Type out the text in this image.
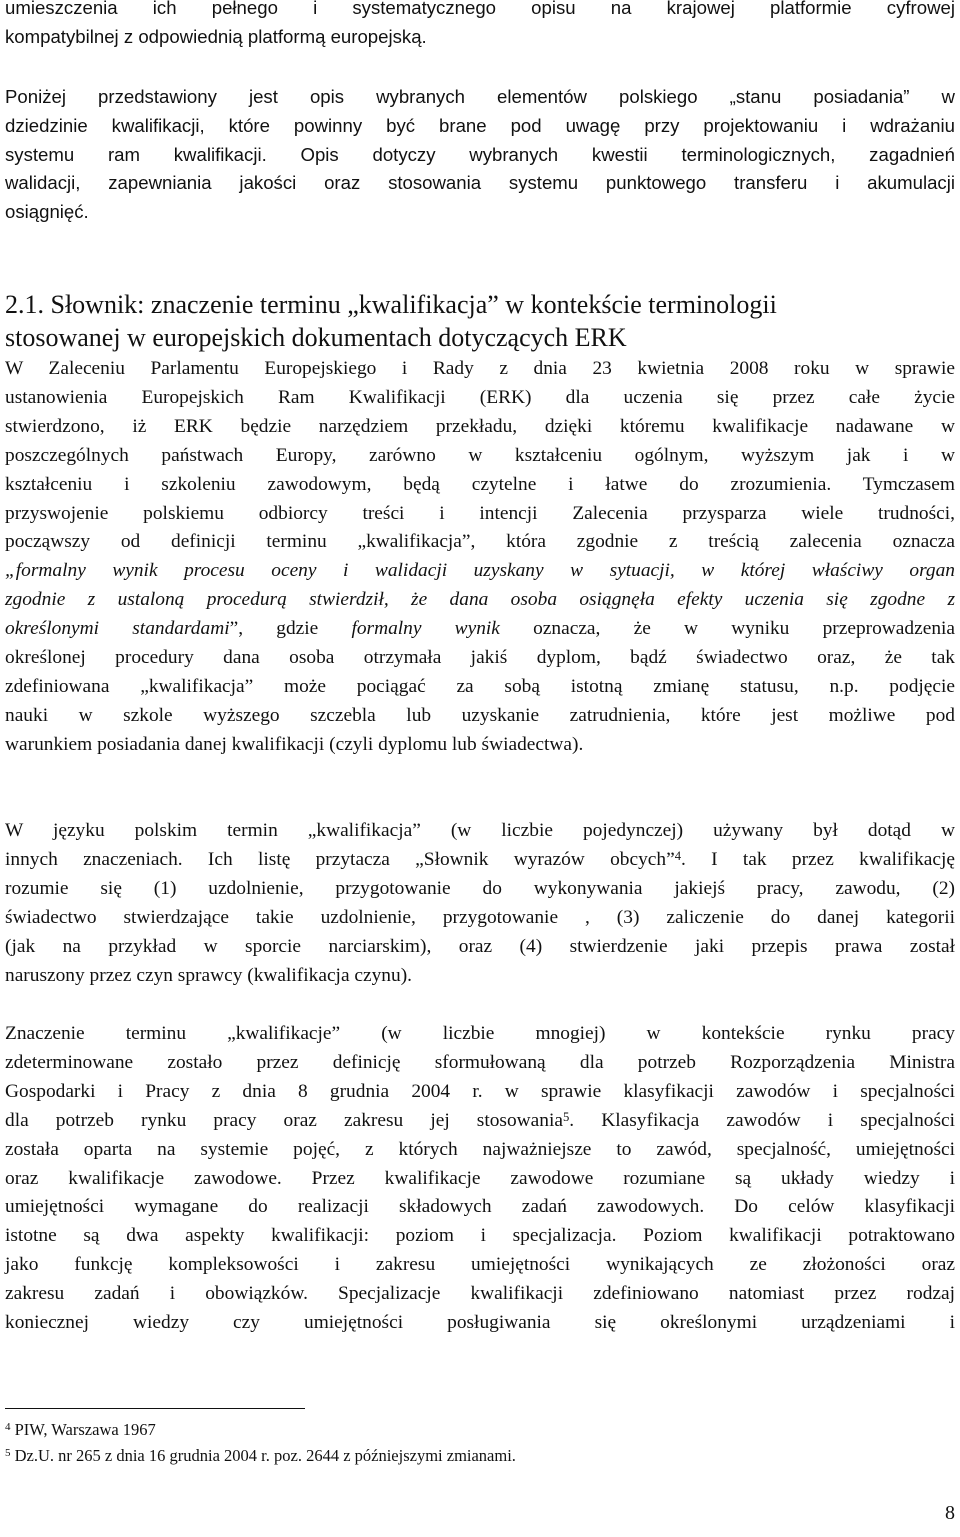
umieszczenia ich pełnego i systematycznego opisu na krajowej platformie cyfrowej
kompatybilnej z odpowiednią platformą europejską.

Poniżej przedstawiony jest opis wybranych elementów polskiego „stanu posiadania” w
dziedzinie kwalifikacji, które powinny być brane pod uwagę przy projektowaniu i wdrażaniu
systemu ram kwalifikacji. Opis dotyczy wybranych kwestii terminologicznych, zagadnień
walidacji, zapewniania jakości oraz stosowania systemu punktowego transferu i akumulacji
osiągnięć.

2.1. Słownik: znaczenie terminu „kwalifikacja” w kontekście terminologii
stosowanej w europejskich dokumentach dotyczących ERK

W Zaleceniu Parlamentu Europejskiego i Rady z dnia 23 kwietnia 2008 roku w sprawie
ustanowienia Europejskich Ram Kwalifikacji (ERK) dla uczenia się przez całe życie
stwierdzono, iż ERK będzie narzędziem przekładu, dzięki któremu kwalifikacje nadawane w
poszczególnych państwach Europy, zarówno w kształceniu ogólnym, wyższym jak i w
kształceniu i szkoleniu zawodowym, będą czytelne i łatwe do zrozumienia. Tymczasem
przyswojenie polskiemu odbiorcy treści i intencji Zalecenia przysparza wiele trudności,
począwszy od definicji terminu „kwalifikacja”, która zgodnie z treścią zalecenia oznacza
„formalny wynik procesu oceny i walidacji uzyskany w sytuacji, w której właściwy organ
zgodnie z ustaloną procedurą stwierdził, że dana osoba osiągnęła efekty uczenia się zgodne z
określonymi standardami”, gdzie formalny wynik oznacza, że w wyniku przeprowadzenia
określonej procedury dana osoba otrzymała jakiś dyplom, bądź świadectwo oraz, że tak
zdefiniowana „kwalifikacja” może pociągać za sobą istotną zmianę statusu, n.p. podjęcie
nauki w szkole wyższego szczebla lub uzyskanie zatrudnienia, które jest możliwe pod
warunkiem posiadania danej kwalifikacji (czyli dyplomu lub świadectwa).

W języku polskim termin „kwalifikacja” (w liczbie pojedynczej) używany był dotąd w
innych znaczeniach. Ich listę przytacza „Słownik wyrazów obcych”$^4$. I tak przez kwalifikację
rozumie się (1) uzdolnienie, przygotowanie do wykonywania jakiejś pracy, zawodu, (2)
świadectwo stwierdzające takie uzdolnienie, przygotowanie , (3) zaliczenie do danej kategorii
(jak na przykład w sporcie narciarskim), oraz (4) stwierdzenie jaki przepis prawa został
naruszony przez czyn sprawcy (kwalifikacja czynu).

Znaczenie terminu „kwalifikacje” (w liczbie mnogiej) w kontekście rynku pracy
zdeterminowane zostało przez definicję sformułowaną dla potrzeb Rozporządzenia Ministra
Gospodarki i Pracy z dnia 8 grudnia 2004 r. w sprawie klasyfikacji zawodów i specjalności
dla potrzeb rynku pracy oraz zakresu jej stosowania$^5$. Klasyfikacja zawodów i specjalności
została oparta na systemie pojęć, z których najważniejsze to zawód, specjalność, umiejętności
oraz kwalifikacje zawodowe. Przez kwalifikacje zawodowe rozumiane są układy wiedzy i
umiejętności wymagane do realizacji składowych zadań zawodowych. Do celów klasyfikacji
istotne są dwa aspekty kwalifikacji: poziom i specjalizacja. Poziom kwalifikacji potraktowano
jako funkcję kompleksowości i zakresu umiejętności wynikających ze złożoności oraz
zakresu zadań i obowiązków. Specjalizacje kwalifikacji zdefiniowano natomiast przez rodzaj
koniecznej wiedzy czy umiejętności posługiwania się określonymi urządzeniami i

$^4$ PIW, Warszawa 1967
$^5$ Dz.U. nr 265 z dnia 16 grudnia 2004 r. poz. 2644 z późniejszymi zmianami.
8
